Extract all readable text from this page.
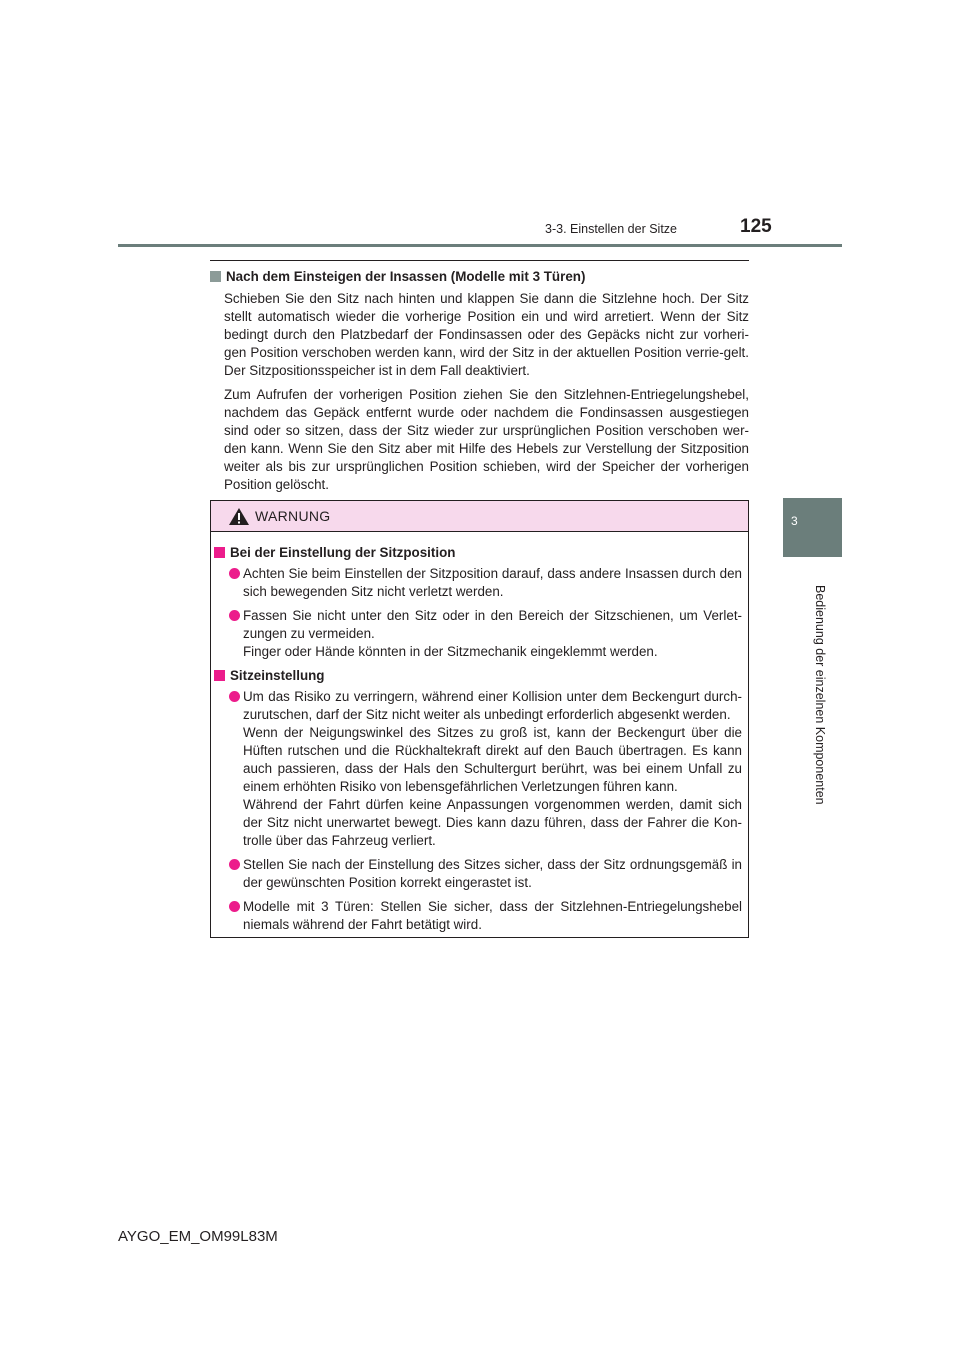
3-3. Einstellen der Sitze	125
3
Bedienung der einzelnen Komponenten

Nach dem Einsteigen der Insassen (Modelle mit 3 Türen)

Schieben Sie den Sitz nach hinten und klappen Sie dann die Sitzlehne hoch. Der Sitz stellt automatisch wieder die vorherige Position ein und wird arretiert. Wenn der Sitz bedingt durch den Platzbedarf der Fondinsassen oder des Gepäcks nicht zur vorheri-gen Position verschoben werden kann, wird der Sitz in der aktuellen Position verrie-gelt. Der Sitzpositionsspeicher ist in dem Fall deaktiviert.

Zum Aufrufen der vorherigen Position ziehen Sie den Sitzlehnen-Entriegelungshebel, nachdem das Gepäck entfernt wurde oder nachdem die Fondinsassen ausgestiegen sind oder so sitzen, dass der Sitz wieder zur ursprünglichen Position verschoben wer-den kann. Wenn Sie den Sitz aber mit Hilfe des Hebels zur Verstellung der Sitzposition weiter als bis zur ursprünglichen Position schieben, wird der Speicher der vorherigen Position gelöscht.

WARNUNG

Bei der Einstellung der Sitzposition

Achten Sie beim Einstellen der Sitzposition darauf, dass andere Insassen durch den sich bewegenden Sitz nicht verletzt werden.

Fassen Sie nicht unter den Sitz oder in den Bereich der Sitzschienen, um Verlet-zungen zu vermeiden.
Finger oder Hände könnten in der Sitzmechanik eingeklemmt werden.

Sitzeinstellung

Um das Risiko zu verringern, während einer Kollision unter dem Beckengurt durch-zurutschen, darf der Sitz nicht weiter als unbedingt erforderlich abgesenkt werden.
Wenn der Neigungswinkel des Sitzes zu groß ist, kann der Beckengurt über die Hüften rutschen und die Rückhaltekraft direkt auf den Bauch übertragen. Es kann auch passieren, dass der Hals den Schultergurt berührt, was bei einem Unfall zu einem erhöhten Risiko von lebensgefährlichen Verletzungen führen kann.
Während der Fahrt dürfen keine Anpassungen vorgenommen werden, damit sich der Sitz nicht unerwartet bewegt. Dies kann dazu führen, dass der Fahrer die Kon-trolle über das Fahrzeug verliert.

Stellen Sie nach der Einstellung des Sitzes sicher, dass der Sitz ordnungsgemäß in der gewünschten Position korrekt eingerastet ist.

Modelle mit 3 Türen: Stellen Sie sicher, dass der Sitzlehnen-Entriegelungshebel niemals während der Fahrt betätigt wird.

AYGO_EM_OM99L83M
